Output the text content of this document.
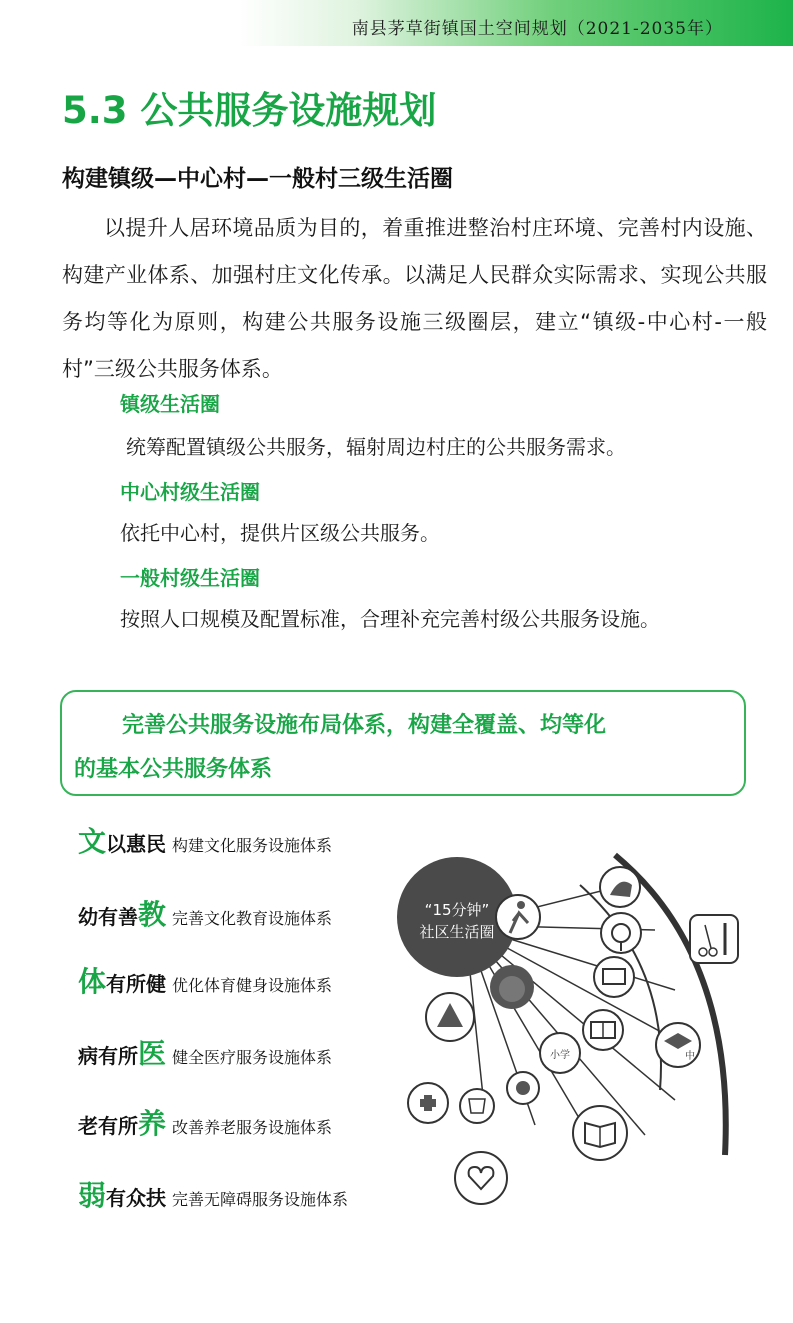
南县茅草街镇国土空间规划（2021-2035年）
5.3 公共服务设施规划
构建镇级—中心村—一般村三级生活圈
以提升人居环境品质为目的，着重推进整治村庄环境、完善村内设施、构建产业体系、加强村庄文化传承。以满足人民群众实际需求、实现公共服务均等化为原则，构建公共服务设施三级圈层，建立“镇级-中心村-一般村”三级公共服务体系。
镇级生活圈
统筹配置镇级公共服务，辐射周边村庄的公共服务需求。
中心村级生活圈
依托中心村，提供片区级公共服务。
一般村级生活圈
按照人口规模及配置标准，合理补充完善村级公共服务设施。
完善公共服务设施布局体系，构建全覆盖、均等化
的基本公共服务体系
文以惠民 构建文化服务设施体系
幼有善教 完善文化教育设施体系
体有所健 优化体育健身设施体系
病有所医 健全医疗服务设施体系
老有所养 改善养老服务设施体系
弱有众扶 完善无障碍服务设施体系
“15分钟”
社区生活圈
中
小学
